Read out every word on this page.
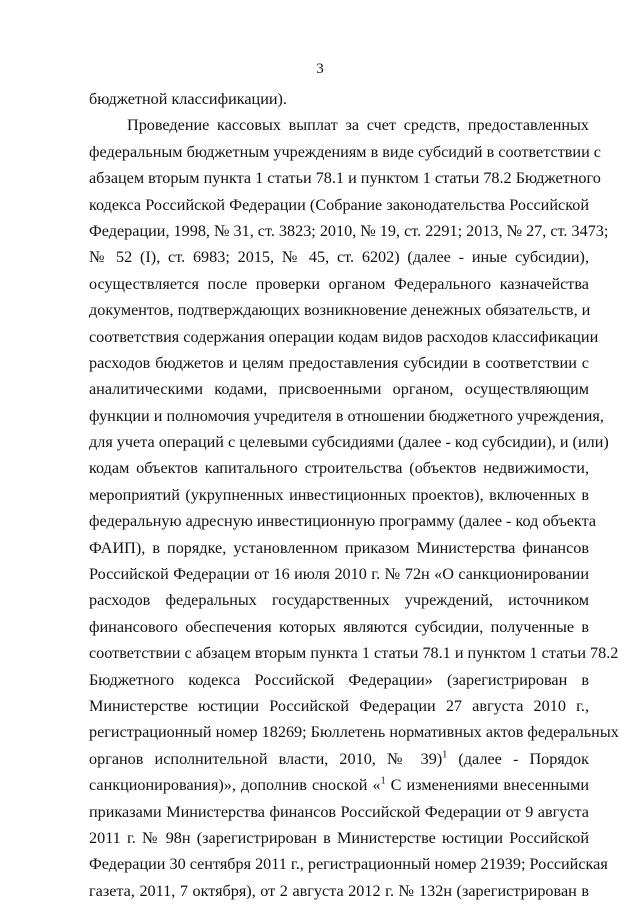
3
бюджетной классификации).
Проведение кассовых выплат за счет средств, предоставленных
федеральным бюджетным учреждениям в виде субсидий в соответствии с
абзацем вторым пункта 1 статьи 78.1 и пунктом 1 статьи 78.2 Бюджетного
кодекса Российской Федерации (Собрание законодательства Российской
Федерации, 1998, № 31, ст. 3823; 2010, № 19, ст. 2291; 2013, № 27, ст. 3473;
№ 52 (I), ст. 6983; 2015, № 45, ст. 6202) (далее - иные субсидии),
осуществляется после проверки органом Федерального казначейства
документов, подтверждающих возникновение денежных обязательств, и
соответствия содержания операции кодам видов расходов классификации
расходов бюджетов и целям предоставления субсидии в соответствии с
аналитическими кодами, присвоенными органом, осуществляющим
функции и полномочия учредителя в отношении бюджетного учреждения,
для учета операций с целевыми субсидиями (далее - код субсидии), и (или)
кодам объектов капитального строительства (объектов недвижимости,
мероприятий (укрупненных инвестиционных проектов), включенных в
федеральную адресную инвестиционную программу (далее - код объекта
ФАИП), в порядке, установленном приказом Министерства финансов
Российской Федерации от 16 июля 2010 г. № 72н «О санкционировании
расходов федеральных государственных учреждений, источником
финансового обеспечения которых являются субсидии, полученные в
соответствии с абзацем вторым пункта 1 статьи 78.1 и пунктом 1 статьи 78.2
Бюджетного кодекса Российской Федерации» (зарегистрирован в
Министерстве юстиции Российской Федерации 27 августа 2010 г.,
регистрационный номер 18269; Бюллетень нормативных актов федеральных
органов исполнительной власти, 2010, № 39)$^1$ (далее - Порядок
санкционирования)», дополнив сноской «$^1$ С изменениями внесенными
приказами Министерства финансов Российской Федерации от 9 августа
2011 г. № 98н (зарегистрирован в Министерстве юстиции Российской
Федерации 30 сентября 2011 г., регистрационный номер 21939; Российская
газета, 2011, 7 октября), от 2 августа 2012 г. № 132н (зарегистрирован в
